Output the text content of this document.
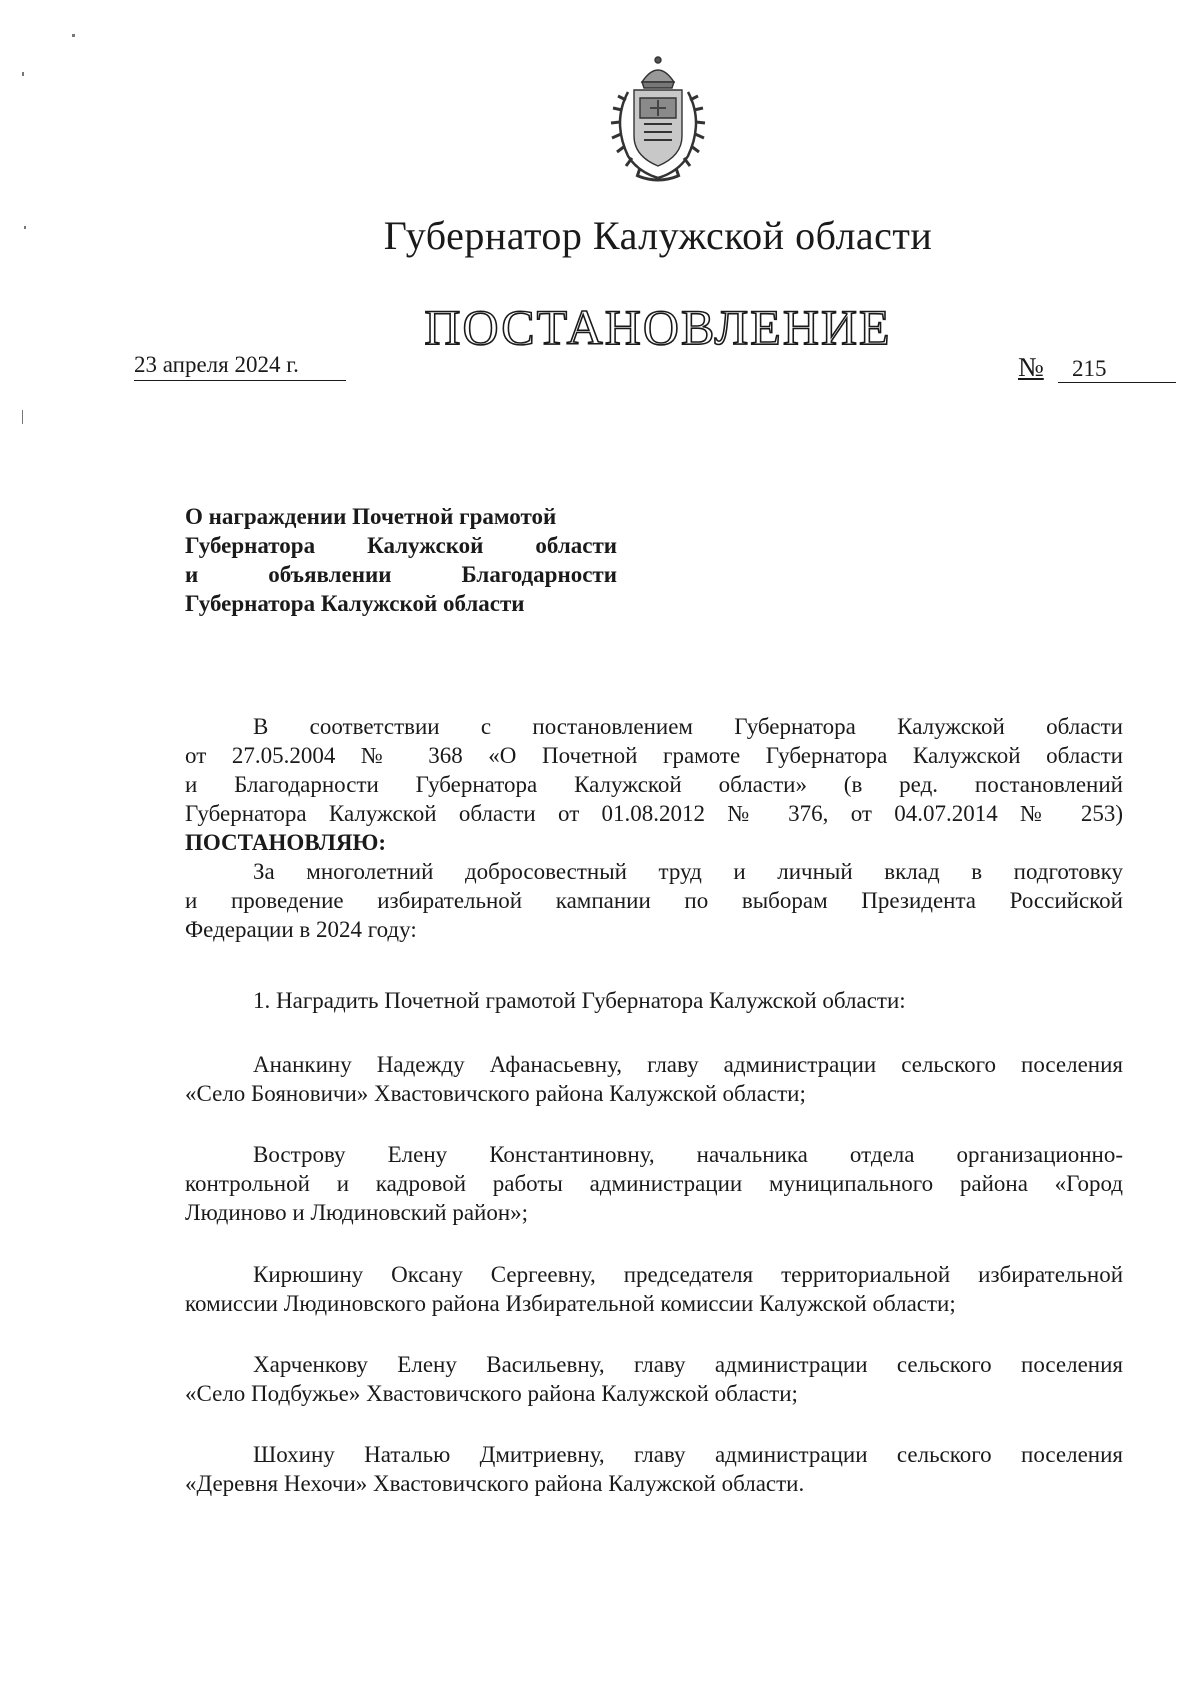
Губернатор Калужской области
ПОСТАНОВЛЕНИЕ
23 апреля 2024 г.	№ 215
О награждении Почетной грамотой
Губернатора Калужской области
и объявлении Благодарности
Губернатора Калужской области
В соответствии с постановлением Губернатора Калужской области
от 27.05.2004 № 368 «О Почетной грамоте Губернатора Калужской области
и Благодарности Губернатора Калужской области» (в ред. постановлений
Губернатора Калужской области от 01.08.2012 № 376, от 04.07.2014 № 253)
ПОСТАНОВЛЯЮ:
За многолетний добросовестный труд и личный вклад в подготовку
и проведение избирательной кампании по выборам Президента Российской
Федерации в 2024 году:
1. Наградить Почетной грамотой Губернатора Калужской области:
Ананкину Надежду Афанасьевну, главу администрации сельского поселения
«Село Бояновичи» Хвастовичского района Калужской области;
Вострову Елену Константиновну, начальника отдела организационно-
контрольной и кадровой работы администрации муниципального района «Город
Людиново и Людиновский район»;
Кирюшину Оксану Сергеевну, председателя территориальной избирательной
комиссии Людиновского района Избирательной комиссии Калужской области;
Харченкову Елену Васильевну, главу администрации сельского поселения
«Село Подбужье» Хвастовичского района Калужской области;
Шохину Наталью Дмитриевну, главу администрации сельского поселения
«Деревня Нехочи» Хвастовичского района Калужской области.
